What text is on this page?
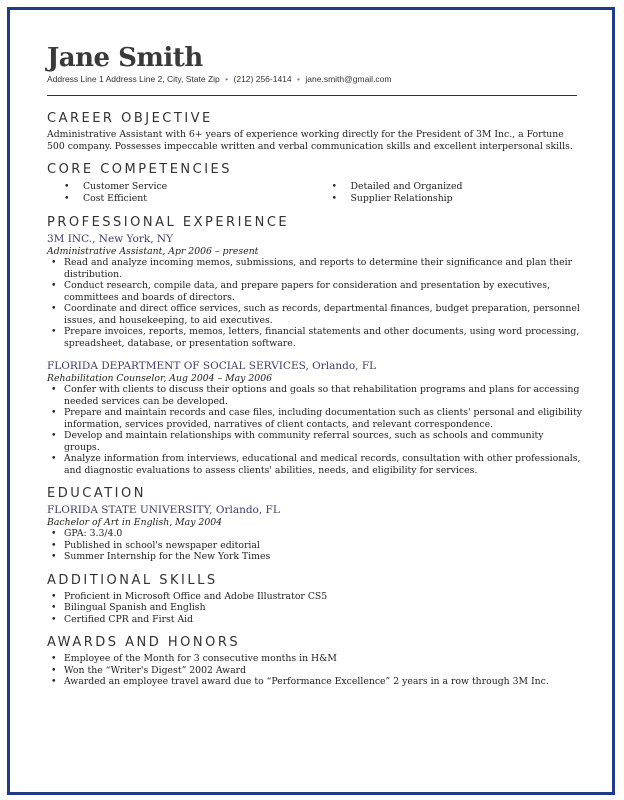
Jane Smith
Address Line 1 Address Line 2, City, State Zip • (212) 256-1414 • jane.smith@gmail.com
CAREER OBJECTIVE

Administrative Assistant with 6+ years of experience working directly for the President of 3M Inc., a Fortune 500 company. Possesses impeccable written and verbal communication skills and excellent interpersonal skills.

CORE COMPETENCIES
• Customer Service
• Cost Efficient
• Detailed and Organized
• Supplier Relationship
PROFESSIONAL EXPERIENCE
3M INC., New York, NY
Administrative Assistant, Apr 2006 – present
• Read and analyze incoming memos, submissions, and reports to determine their significance and plan their distribution.
• Conduct research, compile data, and prepare papers for consideration and presentation by executives, committees and boards of directors.
• Coordinate and direct office services, such as records, departmental finances, budget preparation, personnel issues, and housekeeping, to aid executives.
• Prepare invoices, reports, memos, letters, financial statements and other documents, using word processing, spreadsheet, database, or presentation software.
FLORIDA DEPARTMENT OF SOCIAL SERVICES, Orlando, FL
Rehabilitation Counselor, Aug 2004 – May 2006
• Confer with clients to discuss their options and goals so that rehabilitation programs and plans for accessing needed services can be developed.
• Prepare and maintain records and case files, including documentation such as clients' personal and eligibility information, services provided, narratives of client contacts, and relevant correspondence.
• Develop and maintain relationships with community referral sources, such as schools and community groups.
• Analyze information from interviews, educational and medical records, consultation with other professionals, and diagnostic evaluations to assess clients' abilities, needs, and eligibility for services.
EDUCATION
FLORIDA STATE UNIVERSITY, Orlando, FL
Bachelor of Art in English, May 2004
• GPA: 3.3/4.0
• Published in school's newspaper editorial
• Summer Internship for the New York Times
ADDITIONAL SKILLS
• Proficient in Microsoft Office and Adobe Illustrator CS5
• Bilingual Spanish and English
• Certified CPR and First Aid
AWARDS AND HONORS
• Employee of the Month for 3 consecutive months in H&M
• Won the “Writer's Digest” 2002 Award
• Awarded an employee travel award due to “Performance Excellence” 2 years in a row through 3M Inc.
